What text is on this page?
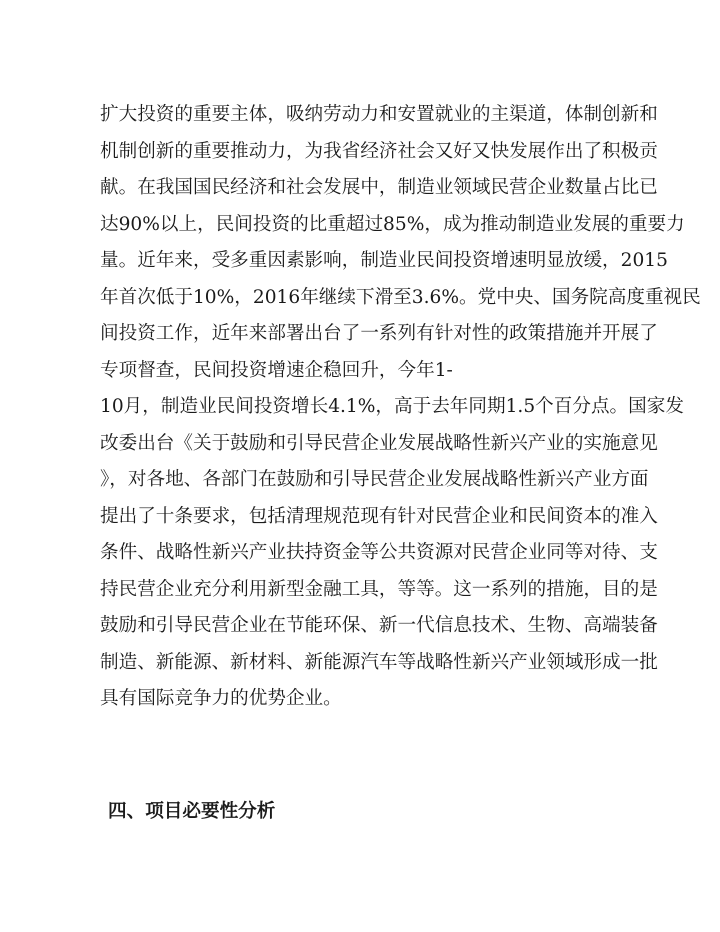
扩大投资的重要主体，吸纳劳动力和安置就业的主渠道，体制创新和
机制创新的重要推动力，为我省经济社会又好又快发展作出了积极贡
献。在我国国民经济和社会发展中，制造业领域民营企业数量占比已
达90%以上，民间投资的比重超过85%，成为推动制造业发展的重要力
量。近年来，受多重因素影响，制造业民间投资增速明显放缓，2015
年首次低于10%，2016年继续下滑至3.6%。党中央、国务院高度重视民
间投资工作，近年来部署出台了一系列有针对性的政策措施并开展了
专项督查，民间投资增速企稳回升，今年1-
10月，制造业民间投资增长4.1%，高于去年同期1.5个百分点。国家发
改委出台《关于鼓励和引导民营企业发展战略性新兴产业的实施意见
》，对各地、各部门在鼓励和引导民营企业发展战略性新兴产业方面
提出了十条要求，包括清理规范现有针对民营企业和民间资本的准入
条件、战略性新兴产业扶持资金等公共资源对民营企业同等对待、支
持民营企业充分利用新型金融工具，等等。这一系列的措施，目的是
鼓励和引导民营企业在节能环保、新一代信息技术、生物、高端装备
制造、新能源、新材料、新能源汽车等战略性新兴产业领域形成一批
具有国际竞争力的优势企业。
四、项目必要性分析
